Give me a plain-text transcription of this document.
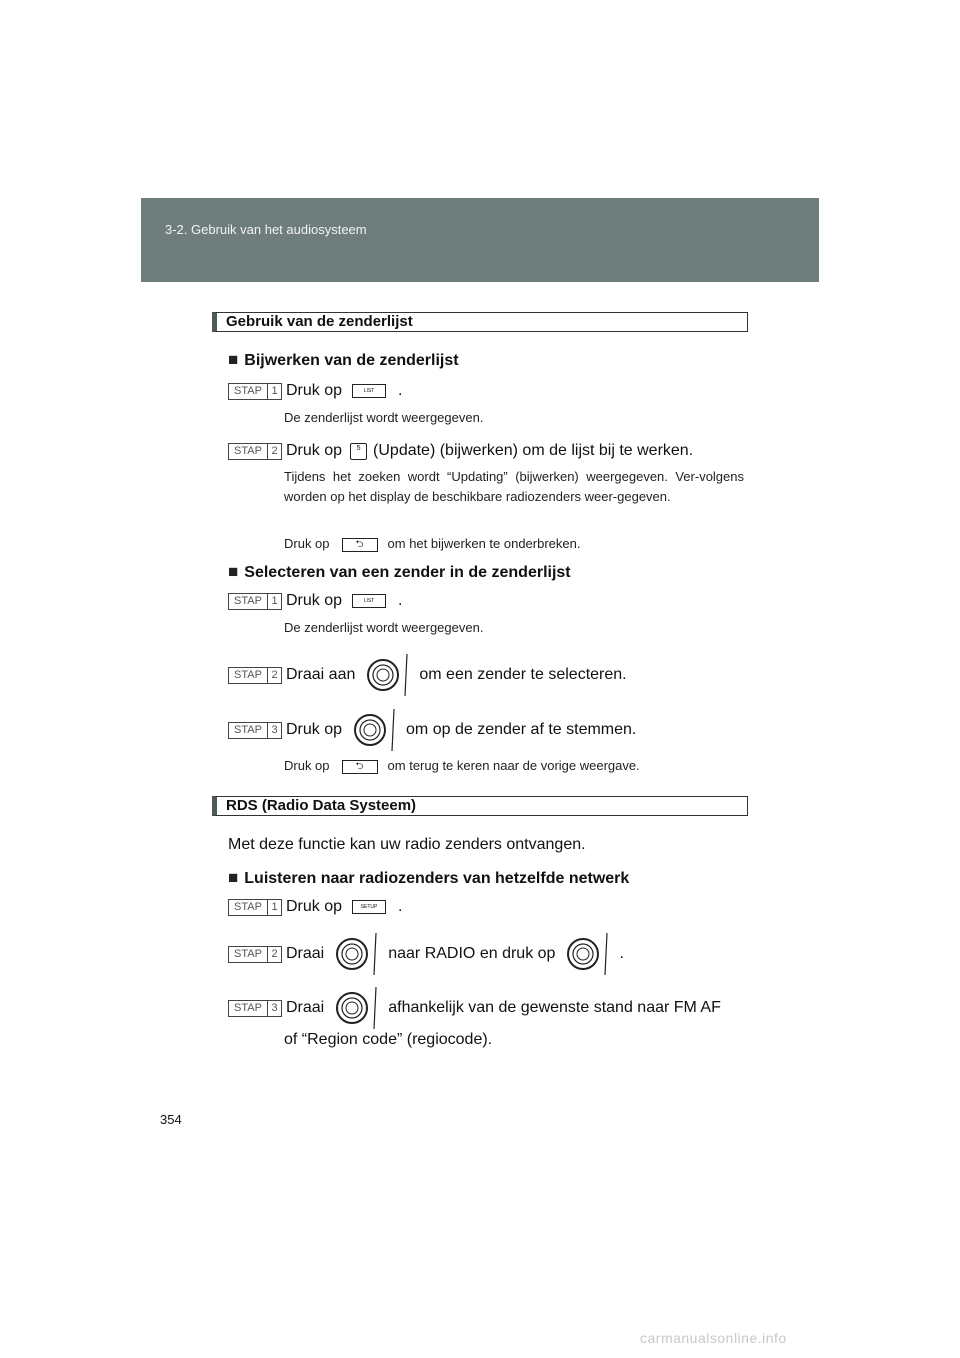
3-2. Gebruik van het audiosysteem
Gebruik van de zenderlijst
■ Bijwerken van de zenderlijst
STAP 1 Druk op	LIST	.
De zenderlijst wordt weergegeven.
STAP 2 Druk op	5 (Update) (bijwerken) om de lijst bij te werken.
Tijdens het zoeken wordt “Updating” (bijwerken) weergegeven. Ver-volgens worden op het display de beschikbare radiozenders weer-gegeven.
Druk op	⮌ om het bijwerken te onderbreken.
■ Selecteren van een zender in de zenderlijst
STAP 1 Druk op	LIST	.
De zenderlijst wordt weergegeven.
STAP 2 Draai aan	om een zender te selecteren.
STAP 3 Druk op	om op de zender af te stemmen.
Druk op	⮌ om terug te keren naar de vorige weergave.
RDS (Radio Data Systeem)
Met deze functie kan uw radio zenders ontvangen.
■ Luisteren naar radiozenders van hetzelfde netwerk
STAP 1 Druk op	SETUP	.
STAP 2 Draai	naar RADIO en druk op	.
STAP 3 Draai	afhankelijk van de gewenste stand naar FM AF
of “Region code” (regiocode).
354
carmanualsonline.info
